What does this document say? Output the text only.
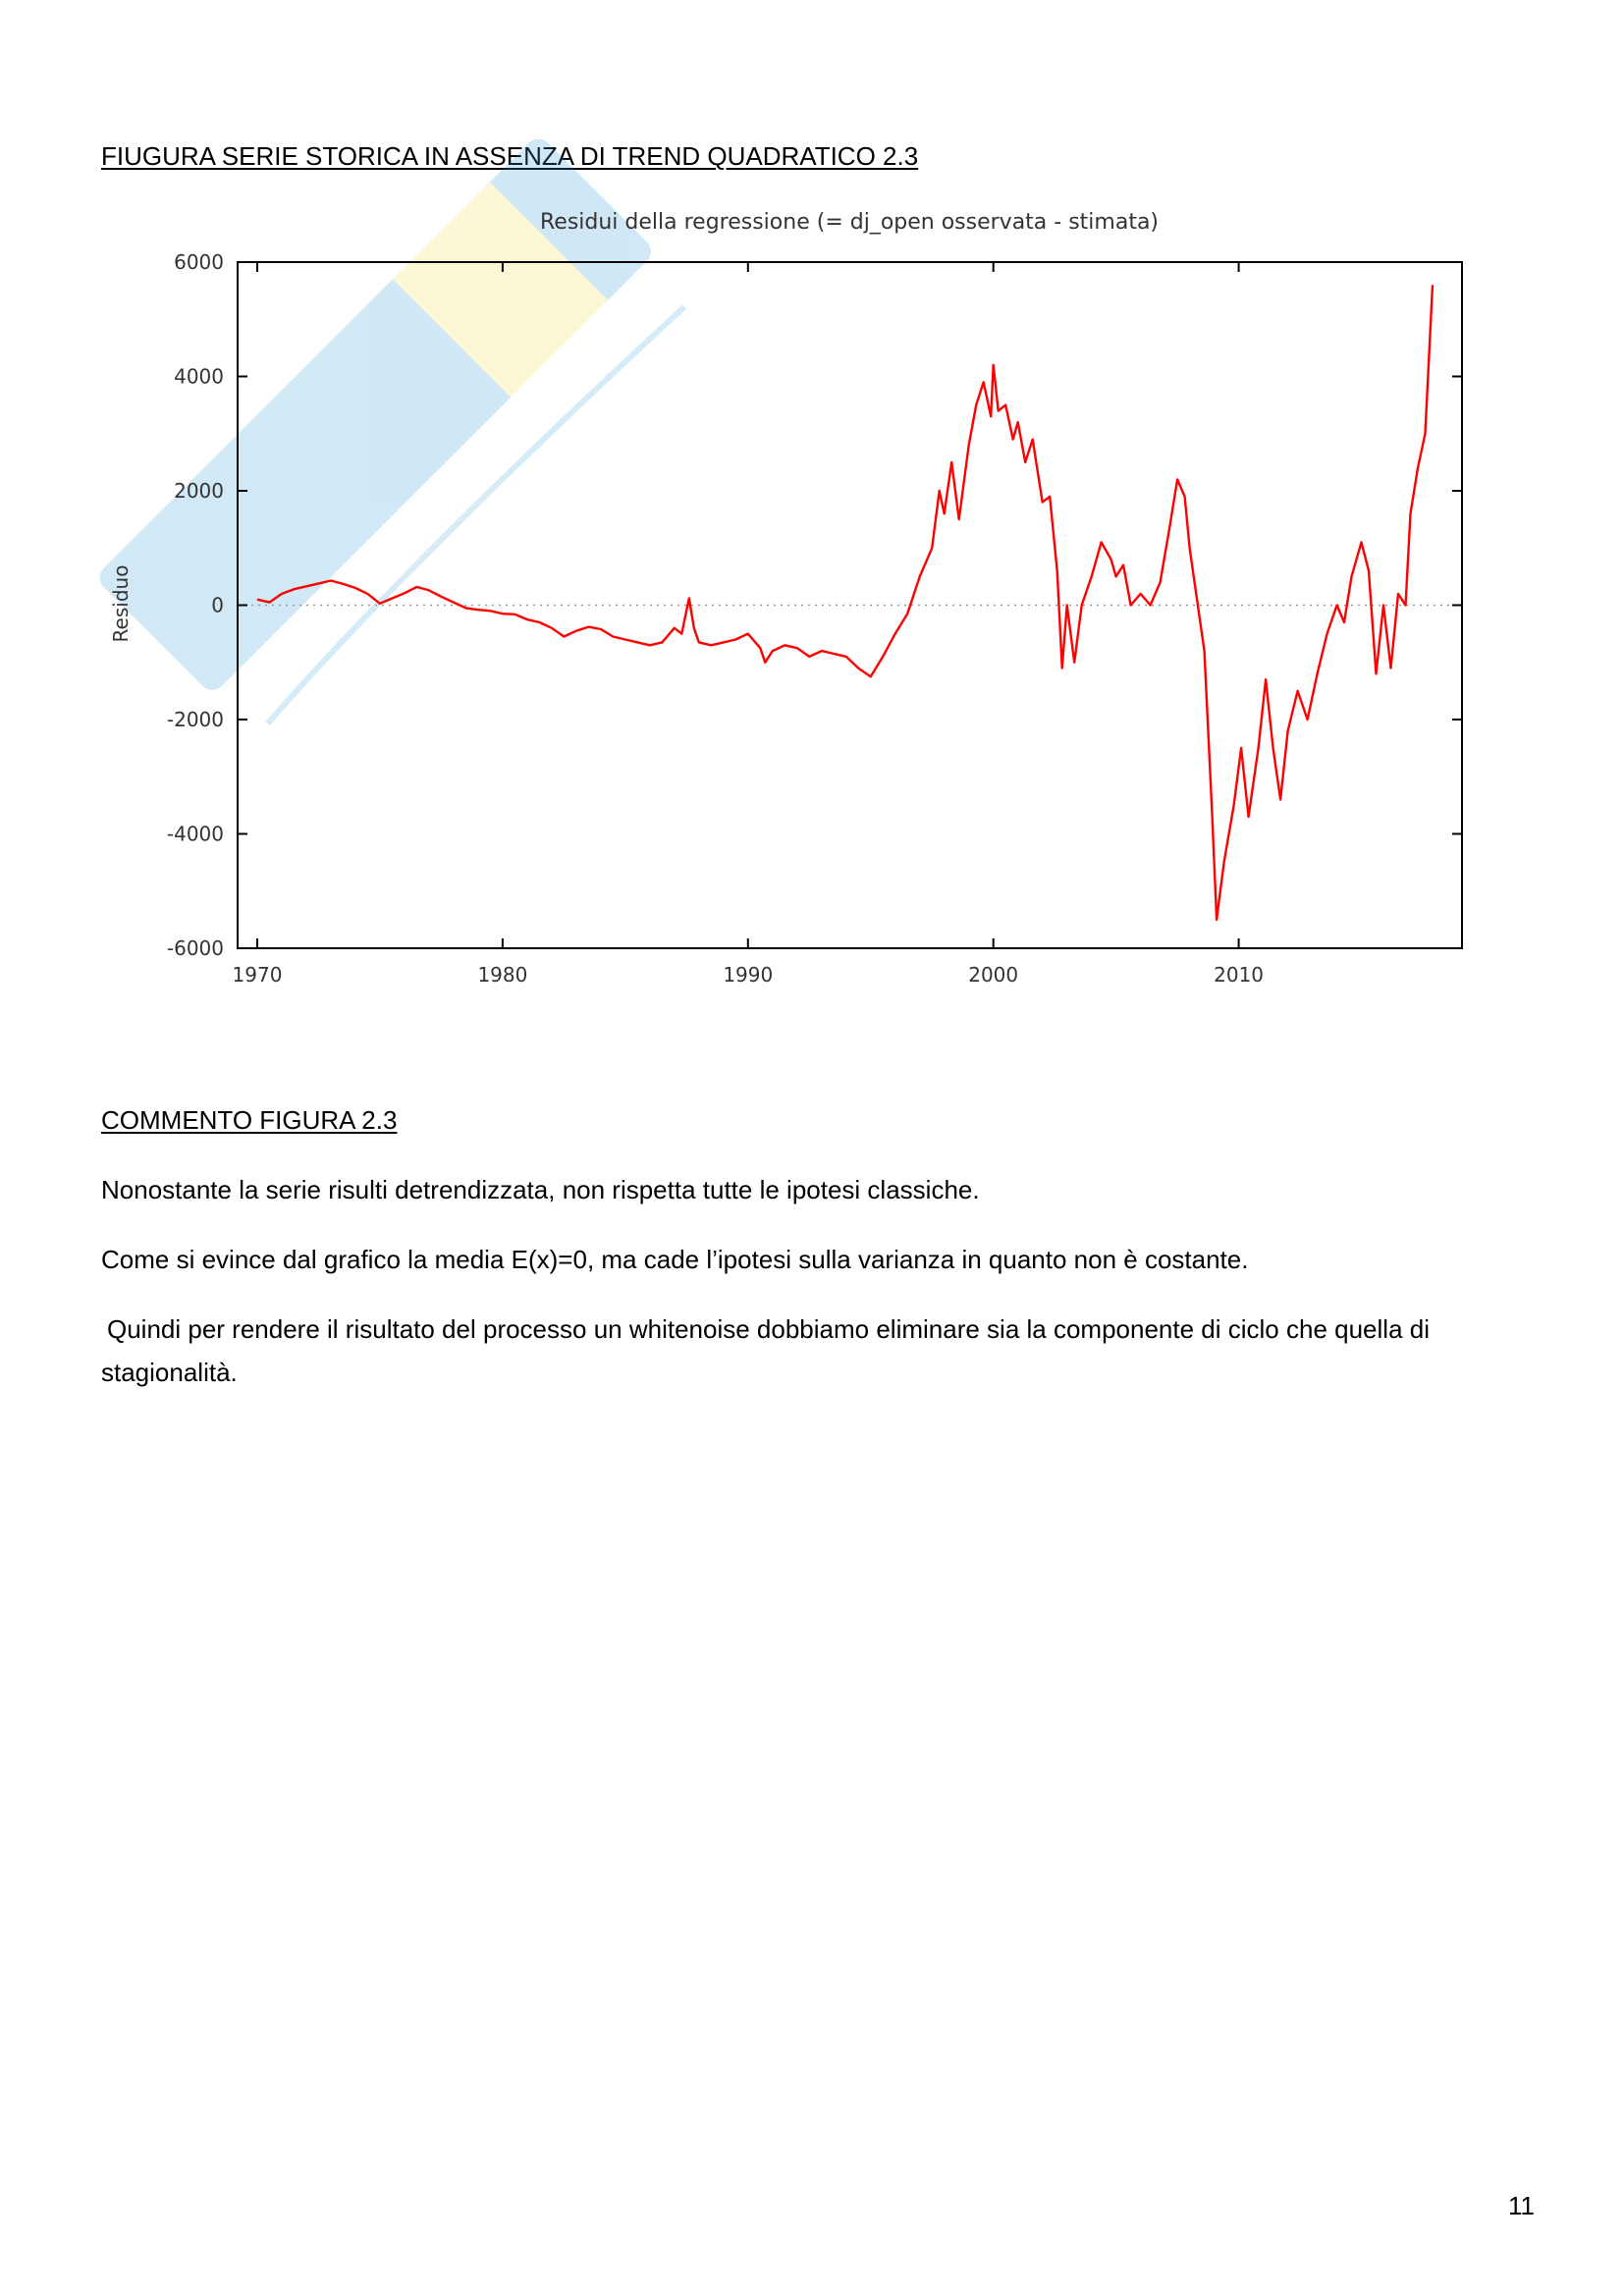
FIUGURA SERIE STORICA IN ASSENZA DI TREND QUADRATICO 2.3
Residui della regressione (= dj_open osservata - stimata)
Residuo
6000
4000
2000
0
-2000
-4000
-6000
1970	1980	1990	2000	2010
COMMENTO FIGURA 2.3
Nonostante la serie risulti detrendizzata, non rispetta tutte le ipotesi classiche.
Come si evince dal grafico la media E(x)=0, ma cade l’ipotesi sulla varianza in quanto non è costante.
Quindi per rendere il risultato del processo un whitenoise dobbiamo eliminare sia la componente di ciclo che quella di stagionalità.
11
